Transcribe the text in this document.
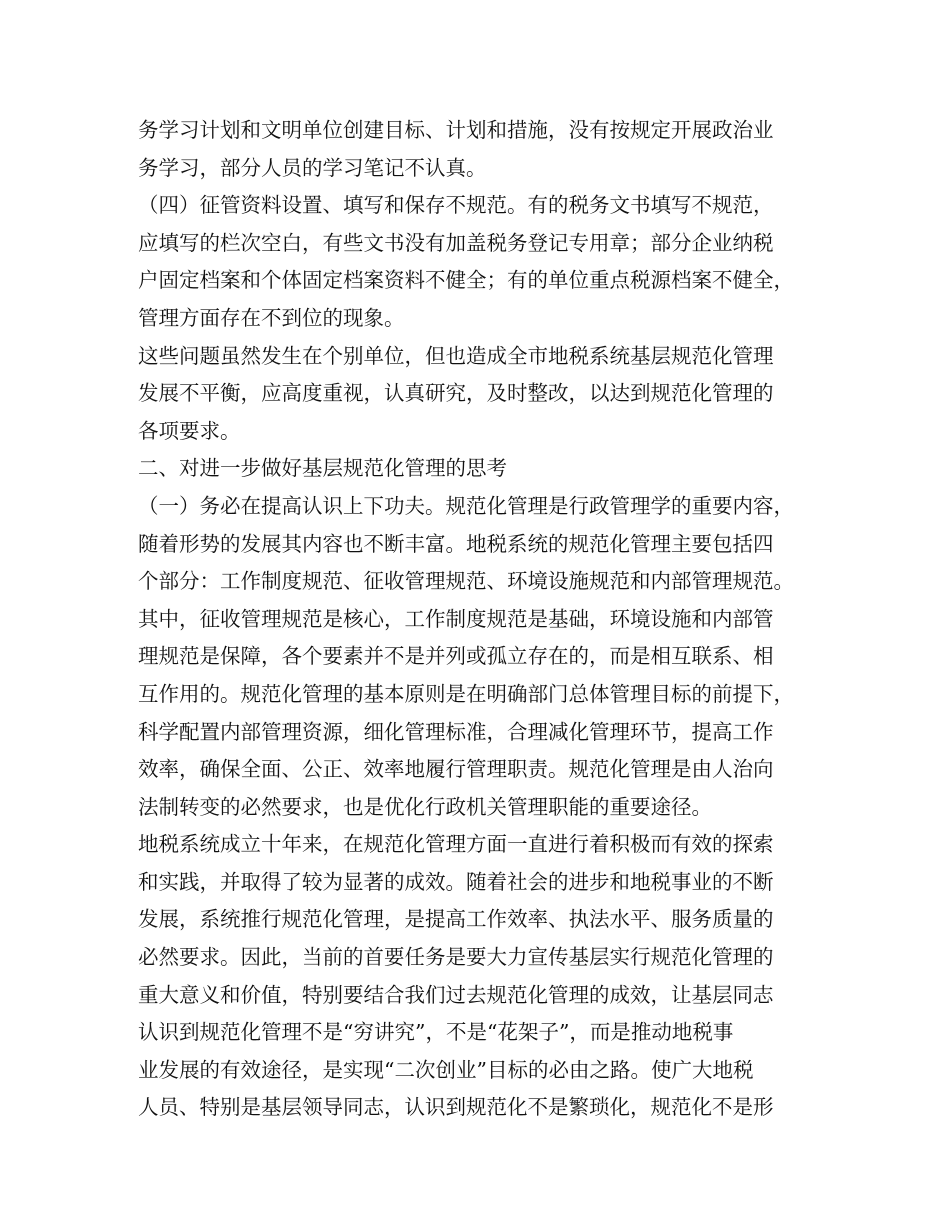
务学习计划和文明单位创建目标、计划和措施，没有按规定开展政治业
务学习，部分人员的学习笔记不认真。
（四）征管资料设置、填写和保存不规范。有的税务文书填写不规范，
应填写的栏次空白，有些文书没有加盖税务登记专用章；部分企业纳税
户固定档案和个体固定档案资料不健全；有的单位重点税源档案不健全，
管理方面存在不到位的现象。
这些问题虽然发生在个别单位，但也造成全市地税系统基层规范化管理
发展不平衡，应高度重视，认真研究，及时整改，以达到规范化管理的
各项要求。
二、对进一步做好基层规范化管理的思考
（一）务必在提高认识上下功夫。规范化管理是行政管理学的重要内容，
随着形势的发展其内容也不断丰富。地税系统的规范化管理主要包括四
个部分：工作制度规范、征收管理规范、环境设施规范和内部管理规范。
其中，征收管理规范是核心，工作制度规范是基础，环境设施和内部管
理规范是保障，各个要素并不是并列或孤立存在的，而是相互联系、相
互作用的。规范化管理的基本原则是在明确部门总体管理目标的前提下，
科学配置内部管理资源，细化管理标准，合理减化管理环节，提高工作
效率，确保全面、公正、效率地履行管理职责。规范化管理是由人治向
法制转变的必然要求，也是优化行政机关管理职能的重要途径。
地税系统成立十年来，在规范化管理方面一直进行着积极而有效的探索
和实践，并取得了较为显著的成效。随着社会的进步和地税事业的不断
发展，系统推行规范化管理，是提高工作效率、执法水平、服务质量的
必然要求。因此，当前的首要任务是要大力宣传基层实行规范化管理的
重大意义和价值，特别要结合我们过去规范化管理的成效，让基层同志
认识到规范化管理不是“穷讲究”，不是“花架子”，而是推动地税事
业发展的有效途径，是实现“二次创业”目标的必由之路。使广大地税
人员、特别是基层领导同志，认识到规范化不是繁琐化，规范化不是形
